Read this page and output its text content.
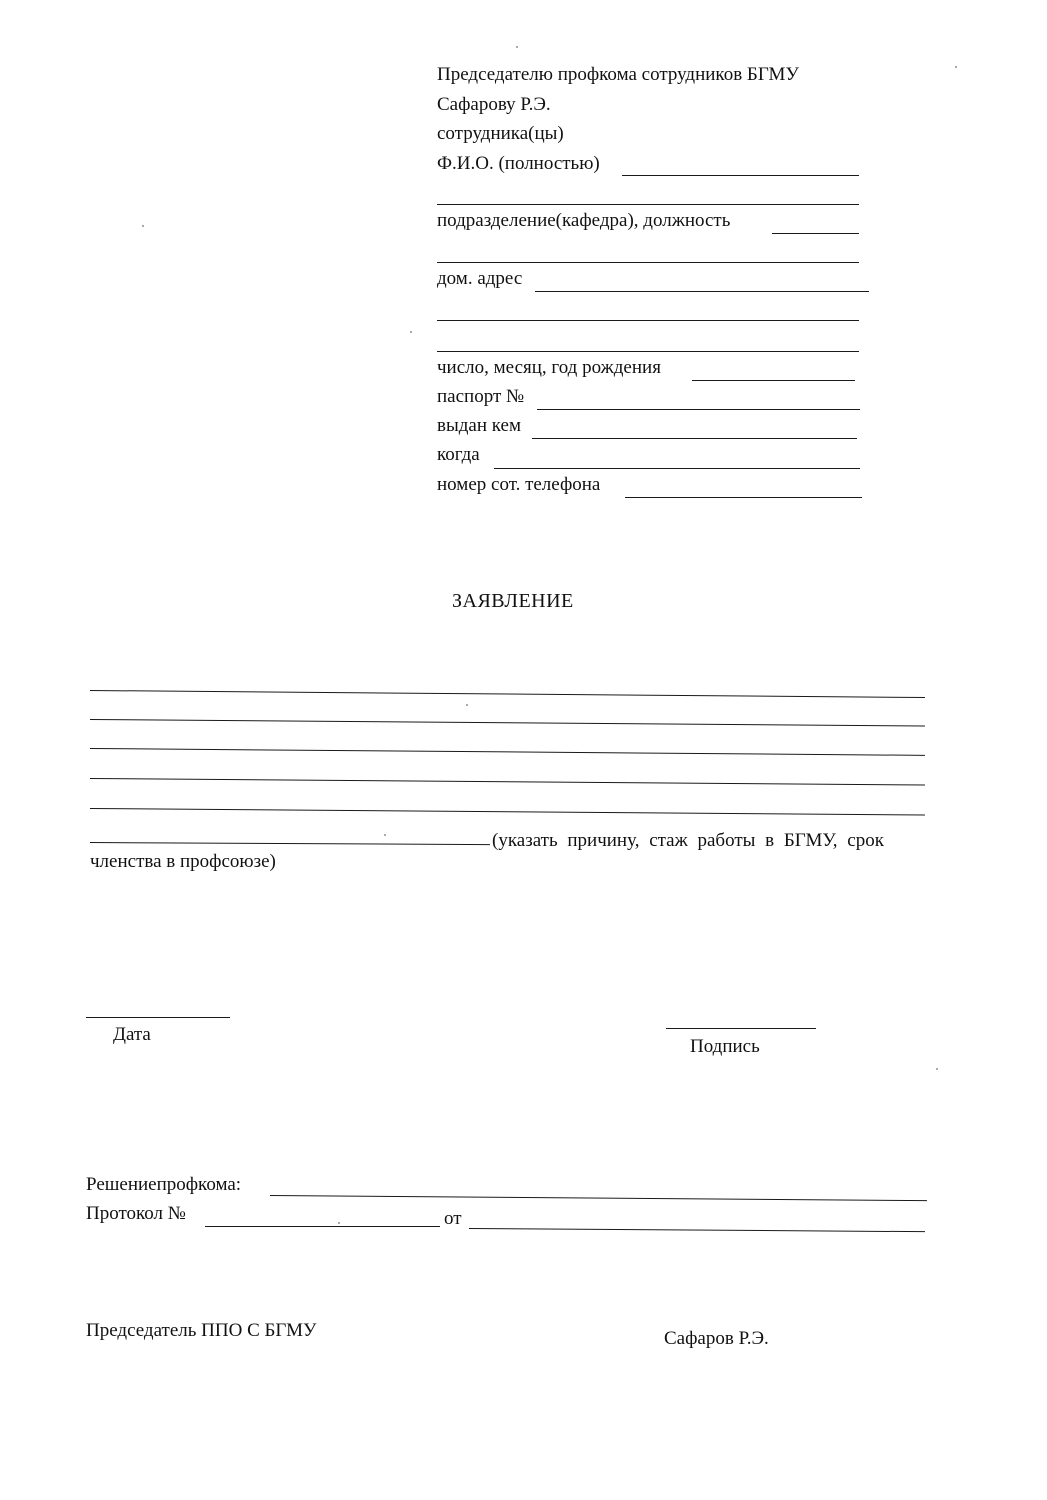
Председателю профкома сотрудников БГМУ
Сафарову Р.Э.
сотрудника(цы)
Ф.И.О. (полностью)
подразделение(кафедра), должность
дом. адрес
число, месяц, год рождения
паспорт №
выдан кем
когда
номер сот. телефона
ЗАЯВЛЕНИЕ
(указать причину, стаж работы в БГМУ, срок
членства в профсоюзе)
Дата
Подпись
Решениепрофкома:
Протокол №	от
Председатель ППО С БГМУ	Сафаров Р.Э.
